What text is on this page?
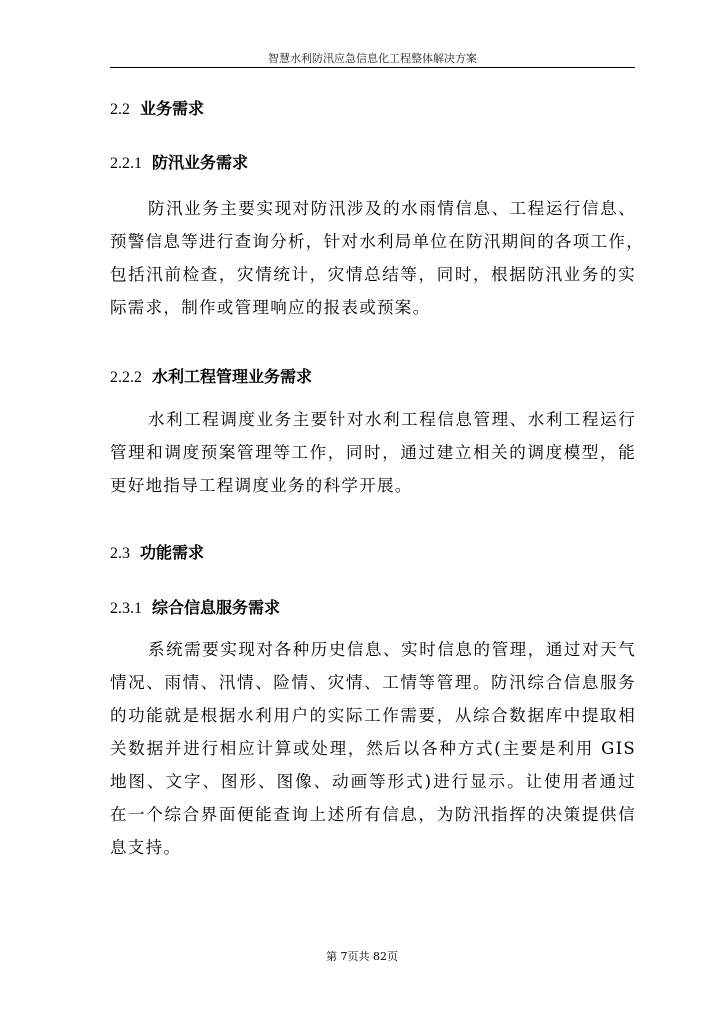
智慧水利防汛应急信息化工程整体解决方案
2.2 业务需求
2.2.1 防汛业务需求
防汛业务主要实现对防汛涉及的水雨情信息、工程运行信息、
预警信息等进行查询分析，针对水利局单位在防汛期间的各项工作，
包括汛前检查，灾情统计，灾情总结等，同时，根据防汛业务的实
际需求，制作或管理响应的报表或预案。
2.2.2 水利工程管理业务需求
水利工程调度业务主要针对水利工程信息管理、水利工程运行
管理和调度预案管理等工作，同时，通过建立相关的调度模型，能
更好地指导工程调度业务的科学开展。
2.3 功能需求
2.3.1 综合信息服务需求
系统需要实现对各种历史信息、实时信息的管理，通过对天气
情况、雨情、汛情、险情、灾情、工情等管理。防汛综合信息服务
的功能就是根据水利用户的实际工作需要，从综合数据库中提取相
关数据并进行相应计算或处理，然后以各种方式(主要是利用 GIS
地图、文字、图形、图像、动画等形式)进行显示。让使用者通过
在一个综合界面便能查询上述所有信息，为防汛指挥的决策提供信
息支持。
第 7页共 82页
